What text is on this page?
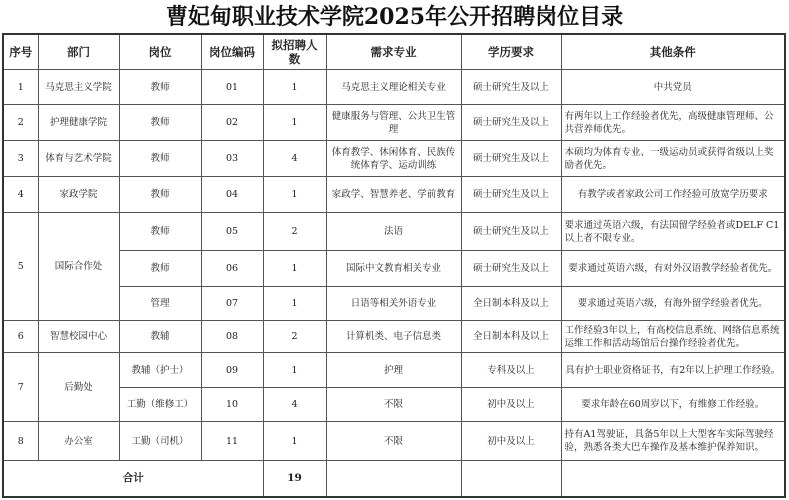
曹妃甸职业技术学院2025年公开招聘岗位目录
序号	部门	岗位	岗位编码	拟招聘人数	需求专业	学历要求	其他条件
1	马克思主义学院	教师	01	1	马克思主义理论相关专业	硕士研究生及以上	中共党员
2	护理健康学院	教师	02	1	健康服务与管理、公共卫生管理	硕士研究生及以上	有两年以上工作经验者优先，高级健康管理师、公共营养师优先。
3	体育与艺术学院	教师	03	4	体育教学、休闲体育、民族传统体育学、运动训练	硕士研究生及以上	本硕均为体育专业、一级运动员或获得省级以上奖励者优先。
4	家政学院	教师	04	1	家政学、智慧养老、学前教育	硕士研究生及以上	有教学或者家政公司工作经验可放宽学历要求
5	国际合作处	教师	05	2	法语	硕士研究生及以上	要求通过英语六级，有法国留学经验者或DELF C1以上者不限专业。
		教师	06	1	国际中文教育相关专业	硕士研究生及以上	要求通过英语六级，有对外汉语教学经验者优先。
		管理	07	1	日语等相关外语专业	全日制本科及以上	要求通过英语六级，有海外留学经验者优先。
6	智慧校园中心	教辅	08	2	计算机类、电子信息类	全日制本科及以上	工作经验3年以上，有高校信息系统、网络信息系统运维工作和活动场馆后台操作经验者优先。
7	后勤处	教辅（护士）	09	1	护理	专科及以上	具有护士职业资格证书，有2年以上护理工作经验。
		工勤（维修工）	10	4	不限	初中及以上	要求年龄在60周岁以下，有维修工作经验。
8	办公室	工勤（司机）	11	1	不限	初中及以上	持有A1驾驶证，具备5年以上大型客车实际驾驶经验，熟悉各类大巴车操作及基本维护保养知识。
合计				19			
